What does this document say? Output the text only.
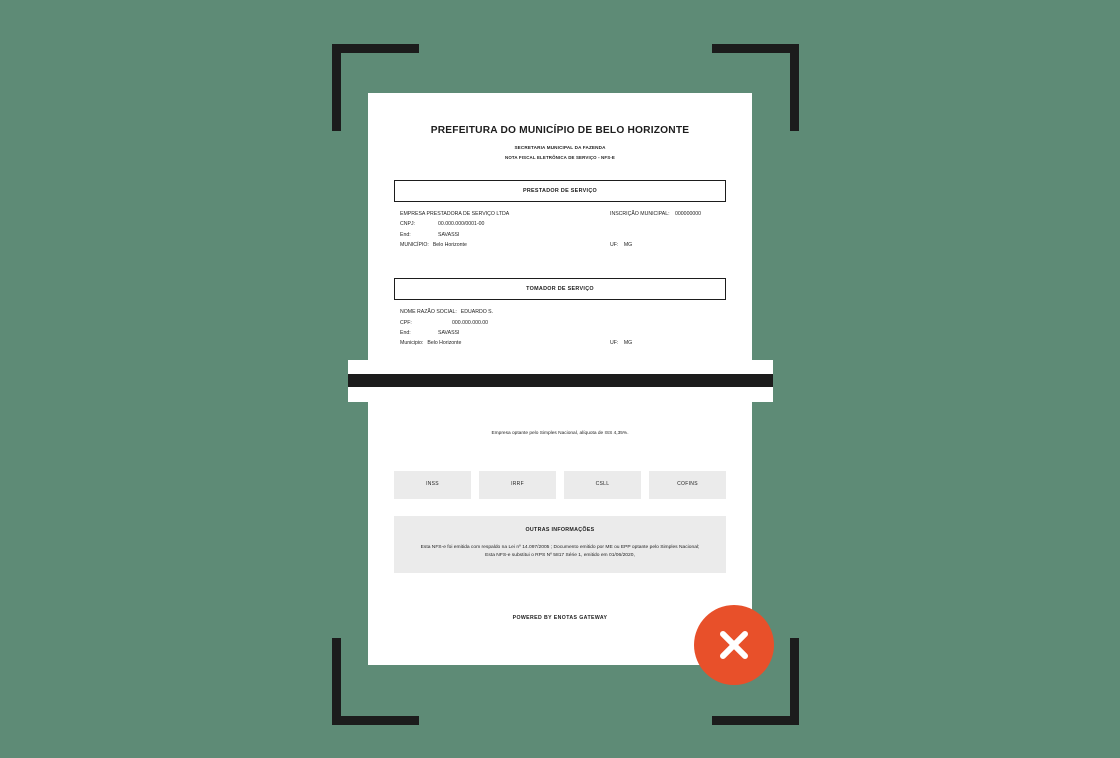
PREFEITURA DO MUNICÍPIO DE BELO HORIZONTE
SECRETARIA MUNICIPAL DA FAZENDA
NOTA FISCAL ELETRÔNICA DE SERVIÇO - NFS-E
PRESTADOR DE SERVIÇO
EMPRESA PRESTADORA DE SERVIÇO LTDA	INSCRIÇÃO MUNICIPAL: 000000000
CNPJ:	00.000.000/0001-00
End:	SAVASSI
MUNICÍPIO: Belo Horizonte	UF: MG
TOMADOR DE SERVIÇO
NOME RAZÃO SOCIAL: EDUARDO S.
CPF:	000.000.000.00
End:	SAVASSI
Municipio: Belo Horizonte	UF: MG
Empresa optante pelo Simples Nacional, alíquota de ISS 4,35%.
INSS	IRRF	CSLL	COFINS
OUTRAS INFORMAÇÕES
Esta NFS-e foi emitida com respaldo na Lei nº 14.097/2005 ; Documento emitido por ME ou EPP optante pelo Simples Nacional; Esta NFS-e substitui o RPS Nº 5817 Série 1, emitido em 01/06/2020,
POWERED BY ENOTAS GATEWAY
